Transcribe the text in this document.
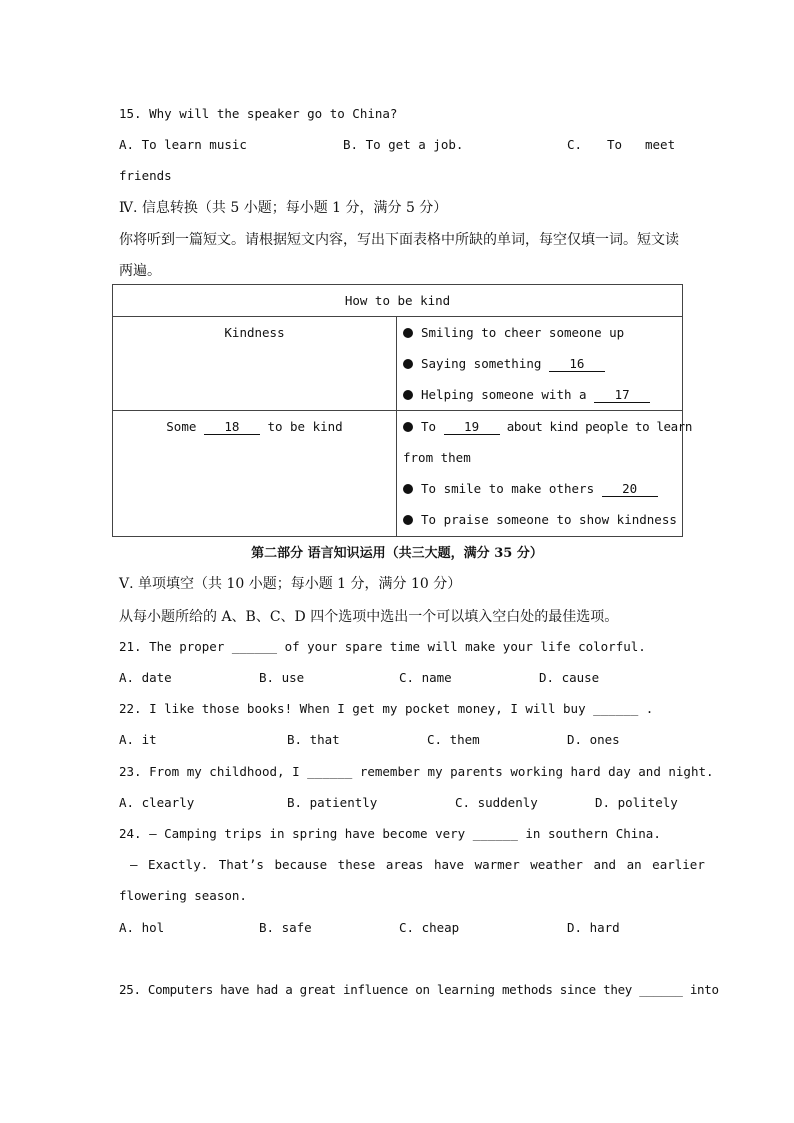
15. Why will the speaker go to China?
A. To learn music	B. To get a job.	C. To meet
friends
Ⅳ. 信息转换（共 5 小题；每小题 1 分，满分 5 分）
你将听到一篇短文。请根据短文内容，写出下面表格中所缺的单词，每空仅填一词。短文读
两遍。
How to be kind	
Kindness	Smiling to cheer someone up
Saying something 16
Helping someone with a 17

Some 18 to be kind	To 19 about kind people to learn
from them
To smile to make others 20
To praise someone to show kindness
第二部分 语言知识运用（共三大题，满分 35 分）
Ⅴ. 单项填空（共 10 小题；每小题 1 分，满分 10 分）
从每小题所给的 A、B、C、D 四个选项中选出一个可以填入空白处的最佳选项。
21. The proper ______ of your spare time will make your life colorful.
A. date	B. use	C. name	D. cause
22. I like those books! When I get my pocket money, I will buy ______ .
A. it	B. that	C. them	D. ones
23. From my childhood, I ______ remember my parents working hard day and night.
A. clearly	B. patiently	C. suddenly	D. politely
24. — Camping trips in spring have become very ______ in southern China.
— Exactly. That’s because these areas have warmer weather and an earlier
flowering season.
A. hol	B. safe	C. cheap	D. hard
25. Computers have had a great influence on learning methods since they ______ into
